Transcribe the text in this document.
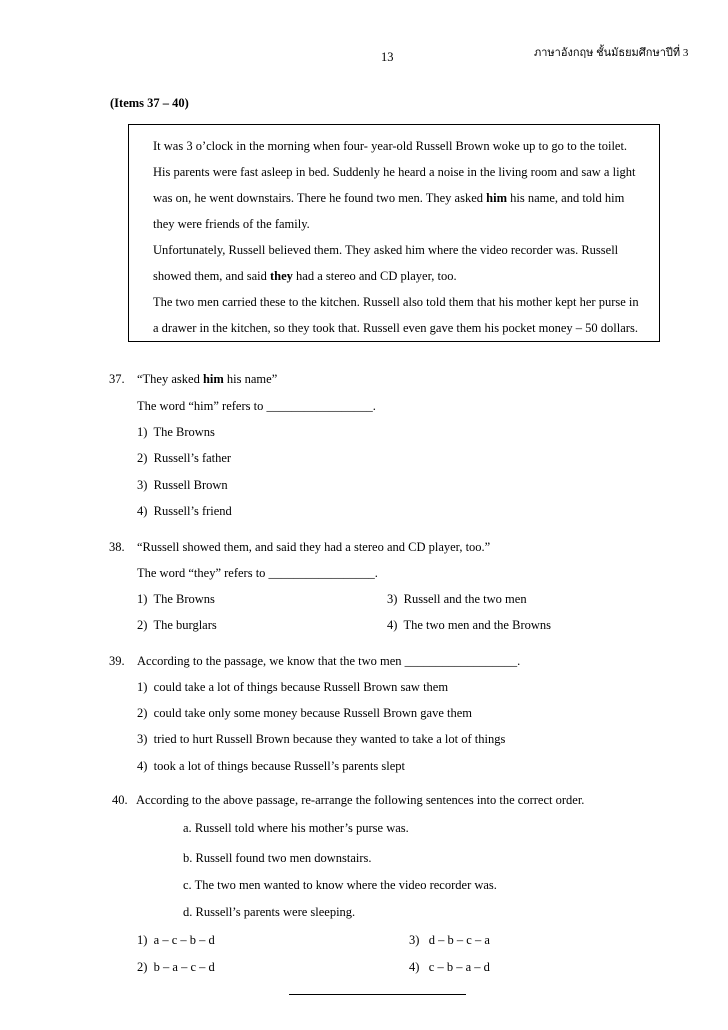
13	ภาษาอังกฤษ ชั้นมัธยมศึกษาปีที่ 3
(Items 37 – 40)
It was 3 o’clock in the morning when four- year-old Russell Brown woke up to go to the toilet.
His parents were fast asleep in bed. Suddenly he heard a noise in the living room and saw a light
was on, he went downstairs. There he found two men. They asked him his name, and told him
they were friends of the family.
Unfortunately, Russell believed them. They asked him where the video recorder was. Russell
showed them, and said they had a stereo and CD player, too.
The two men carried these to the kitchen. Russell also told them that his mother kept her purse in
a drawer in the kitchen, so they took that. Russell even gave them his pocket money – 50 dollars.
37. “They asked him his name”
The word “him” refers to _________________.
1) The Browns
2) Russell’s father
3) Russell Brown
4) Russell’s friend
38. “Russell showed them, and said they had a stereo and CD player, too.”
The word “they” refers to _________________.
1) The Browns
2) The burglars
3) Russell and the two men
4) The two men and the Browns
39. According to the passage, we know that the two men __________________.
1) could take a lot of things because Russell Brown saw them
2) could take only some money because Russell Brown gave them
3) tried to hurt Russell Brown because they wanted to take a lot of things
4) took a lot of things because Russell’s parents slept
40. According to the above passage, re-arrange the following sentences into the correct order.
a. Russell told where his mother’s purse was.
b. Russell found two men downstairs.
c. The two men wanted to know where the video recorder was.
d. Russell’s parents were sleeping.
1) a – c – b – d
2) b – a – c – d
3) d – b – c – a
4) c – b – a – d
